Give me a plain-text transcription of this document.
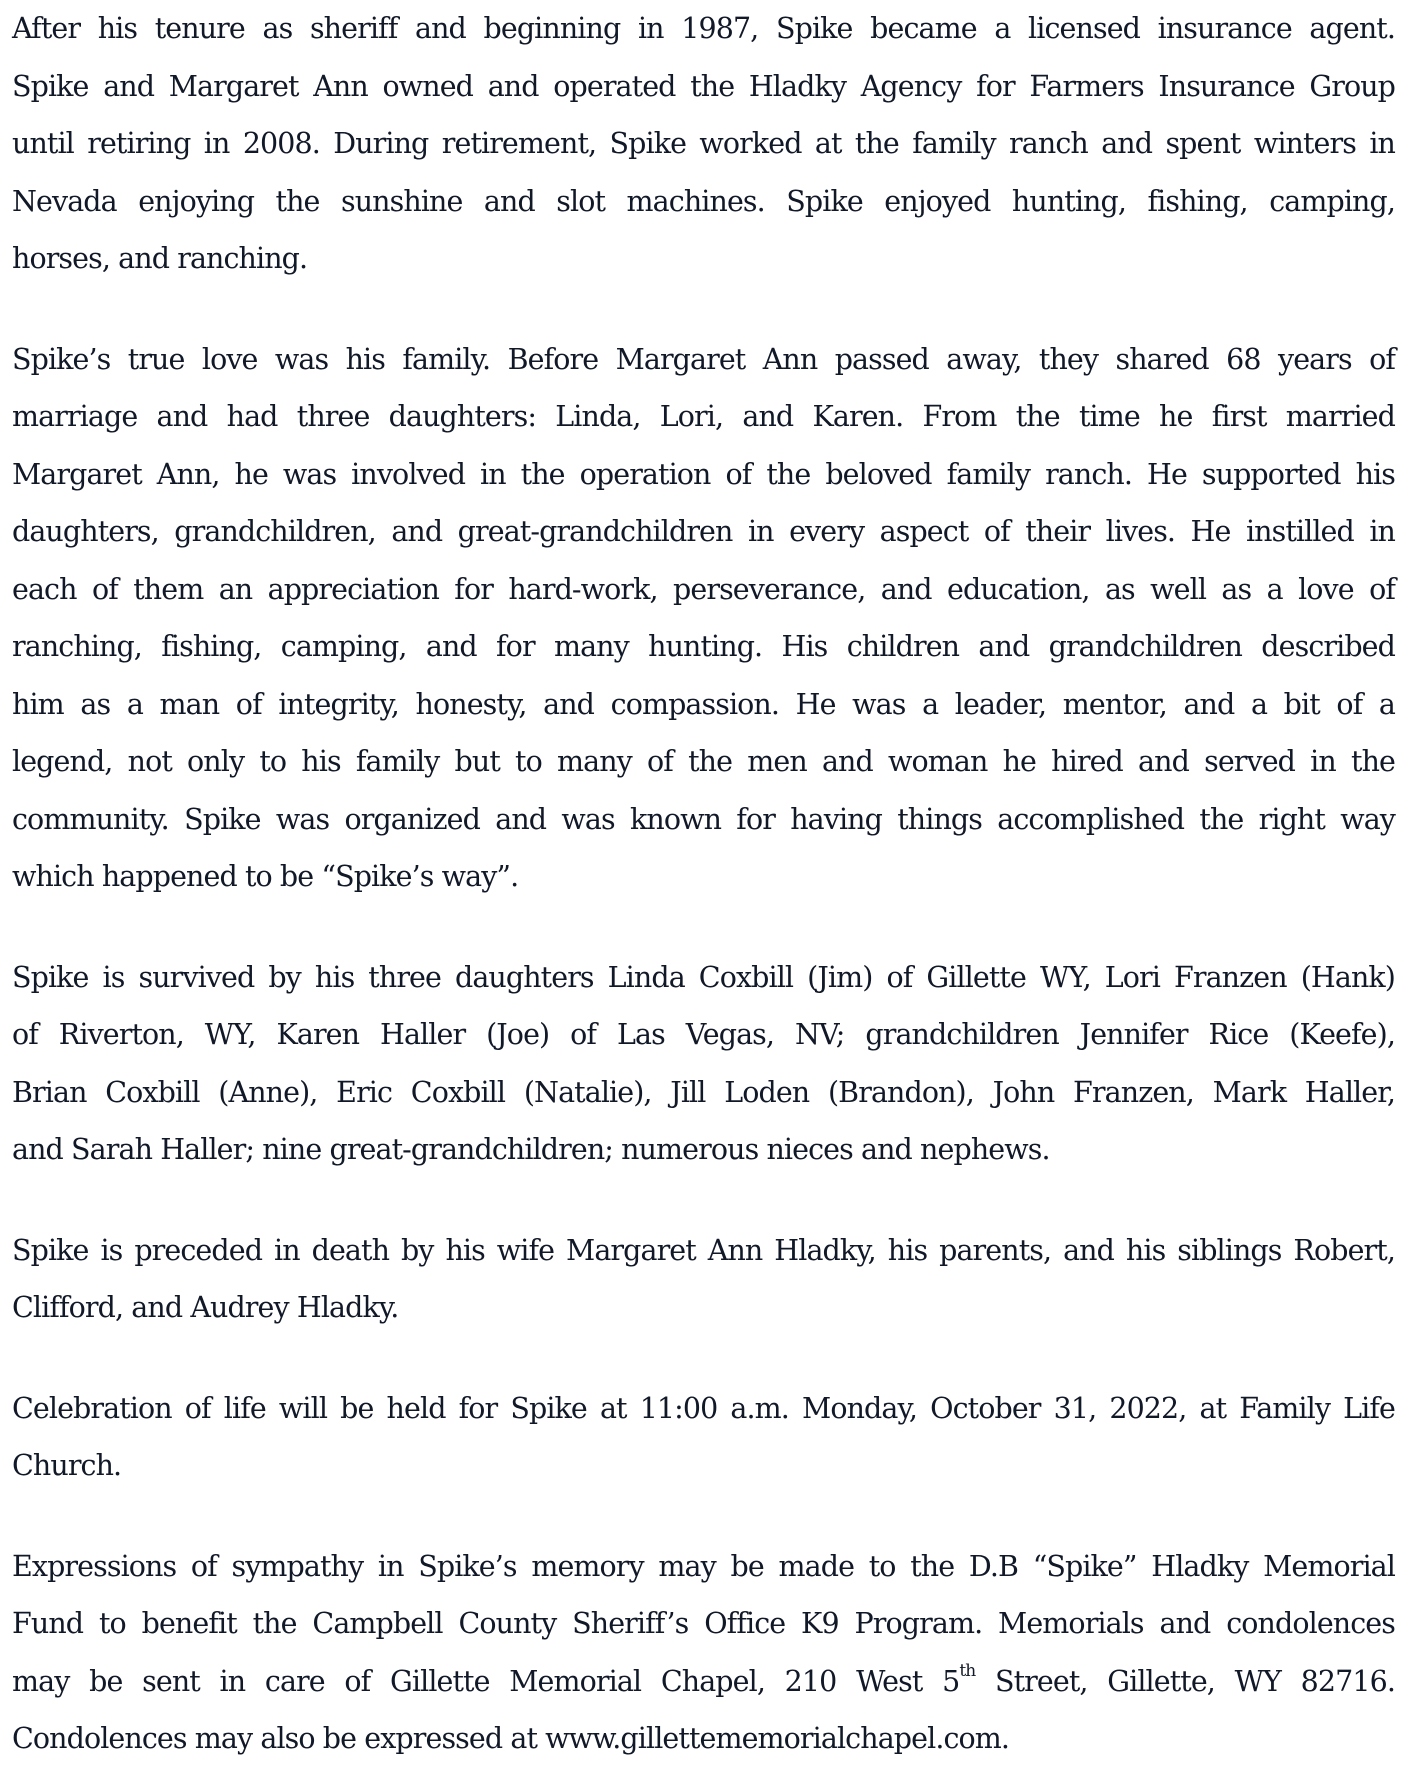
After his tenure as sheriff and beginning in 1987, Spike became a licensed insurance agent.
Spike and Margaret Ann owned and operated the Hladky Agency for Farmers Insurance Group
until retiring in 2008. During retirement, Spike worked at the family ranch and spent winters in
Nevada enjoying the sunshine and slot machines. Spike enjoyed hunting, fishing, camping,
horses, and ranching.
Spike’s true love was his family. Before Margaret Ann passed away, they shared 68 years of
marriage and had three daughters: Linda, Lori, and Karen. From the time he first married
Margaret Ann, he was involved in the operation of the beloved family ranch. He supported his
daughters, grandchildren, and great-grandchildren in every aspect of their lives. He instilled in
each of them an appreciation for hard-work, perseverance, and education, as well as a love of
ranching, fishing, camping, and for many hunting. His children and grandchildren described
him as a man of integrity, honesty, and compassion. He was a leader, mentor, and a bit of a
legend, not only to his family but to many of the men and woman he hired and served in the
community. Spike was organized and was known for having things accomplished the right way
which happened to be “Spike’s way”.
Spike is survived by his three daughters Linda Coxbill (Jim) of Gillette WY, Lori Franzen (Hank)
of Riverton, WY, Karen Haller (Joe) of Las Vegas, NV; grandchildren Jennifer Rice (Keefe),
Brian Coxbill (Anne), Eric Coxbill (Natalie), Jill Loden (Brandon), John Franzen, Mark Haller,
and Sarah Haller; nine great-grandchildren; numerous nieces and nephews.
Spike is preceded in death by his wife Margaret Ann Hladky, his parents, and his siblings Robert,
Clifford, and Audrey Hladky.
Celebration of life will be held for Spike at 11:00 a.m. Monday, October 31, 2022, at Family Life
Church.
Expressions of sympathy in Spike’s memory may be made to the D.B “Spike” Hladky Memorial
Fund to benefit the Campbell County Sheriff’s Office K9 Program. Memorials and condolences
may be sent in care of Gillette Memorial Chapel, 210 West 5th Street, Gillette, WY 82716.
Condolences may also be expressed at www.gillettememorialchapel.com.
